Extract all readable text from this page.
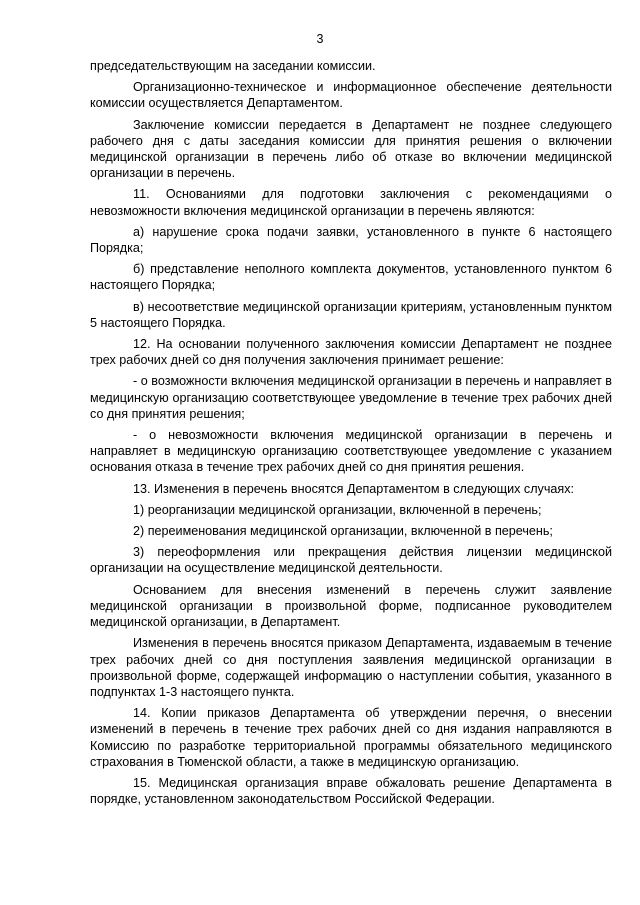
3

председательствующим на заседании комиссии.

Организационно-техническое и информационное обеспечение деятельности комиссии осуществляется Департаментом.

Заключение комиссии передается в Департамент не позднее следующего рабочего дня с даты заседания комиссии для принятия решения о включении медицинской организации в перечень либо об отказе во включении медицинской организации в перечень.

11. Основаниями для подготовки заключения с рекомендациями о невозможности включения медицинской организации в перечень являются:

а) нарушение срока подачи заявки, установленного в пункте 6 настоящего Порядка;

б) представление неполного комплекта документов, установленного пунктом 6 настоящего Порядка;

в) несоответствие медицинской организации критериям, установленным пунктом 5 настоящего Порядка.

12. На основании полученного заключения комиссии Департамент не позднее трех рабочих дней со дня получения заключения принимает решение:

- о возможности включения медицинской организации в перечень и направляет в медицинскую организацию соответствующее уведомление в течение трех рабочих дней со дня принятия решения;

- о невозможности включения медицинской организации в перечень и направляет в медицинскую организацию соответствующее уведомление с указанием основания отказа в течение трех рабочих дней со дня принятия решения.

13. Изменения в перечень вносятся Департаментом в следующих случаях:

1) реорганизации медицинской организации, включенной в перечень;

2) переименования медицинской организации, включенной в перечень;

3) переоформления или прекращения действия лицензии медицинской организации на осуществление медицинской деятельности.

Основанием для внесения изменений в перечень служит заявление медицинской организации в произвольной форме, подписанное руководителем медицинской организации, в Департамент.

Изменения в перечень вносятся приказом Департамента, издаваемым в течение трех рабочих дней со дня поступления заявления медицинской организации в произвольной форме, содержащей информацию о наступлении события, указанного в подпунктах 1-3 настоящего пункта.

14. Копии приказов Департамента об утверждении перечня, о внесении изменений в перечень в течение трех рабочих дней со дня издания направляются в Комиссию по разработке территориальной программы обязательного медицинского страхования в Тюменской области, а также в медицинскую организацию.

15. Медицинская организация вправе обжаловать решение Департамента в порядке, установленном законодательством Российской Федерации.
